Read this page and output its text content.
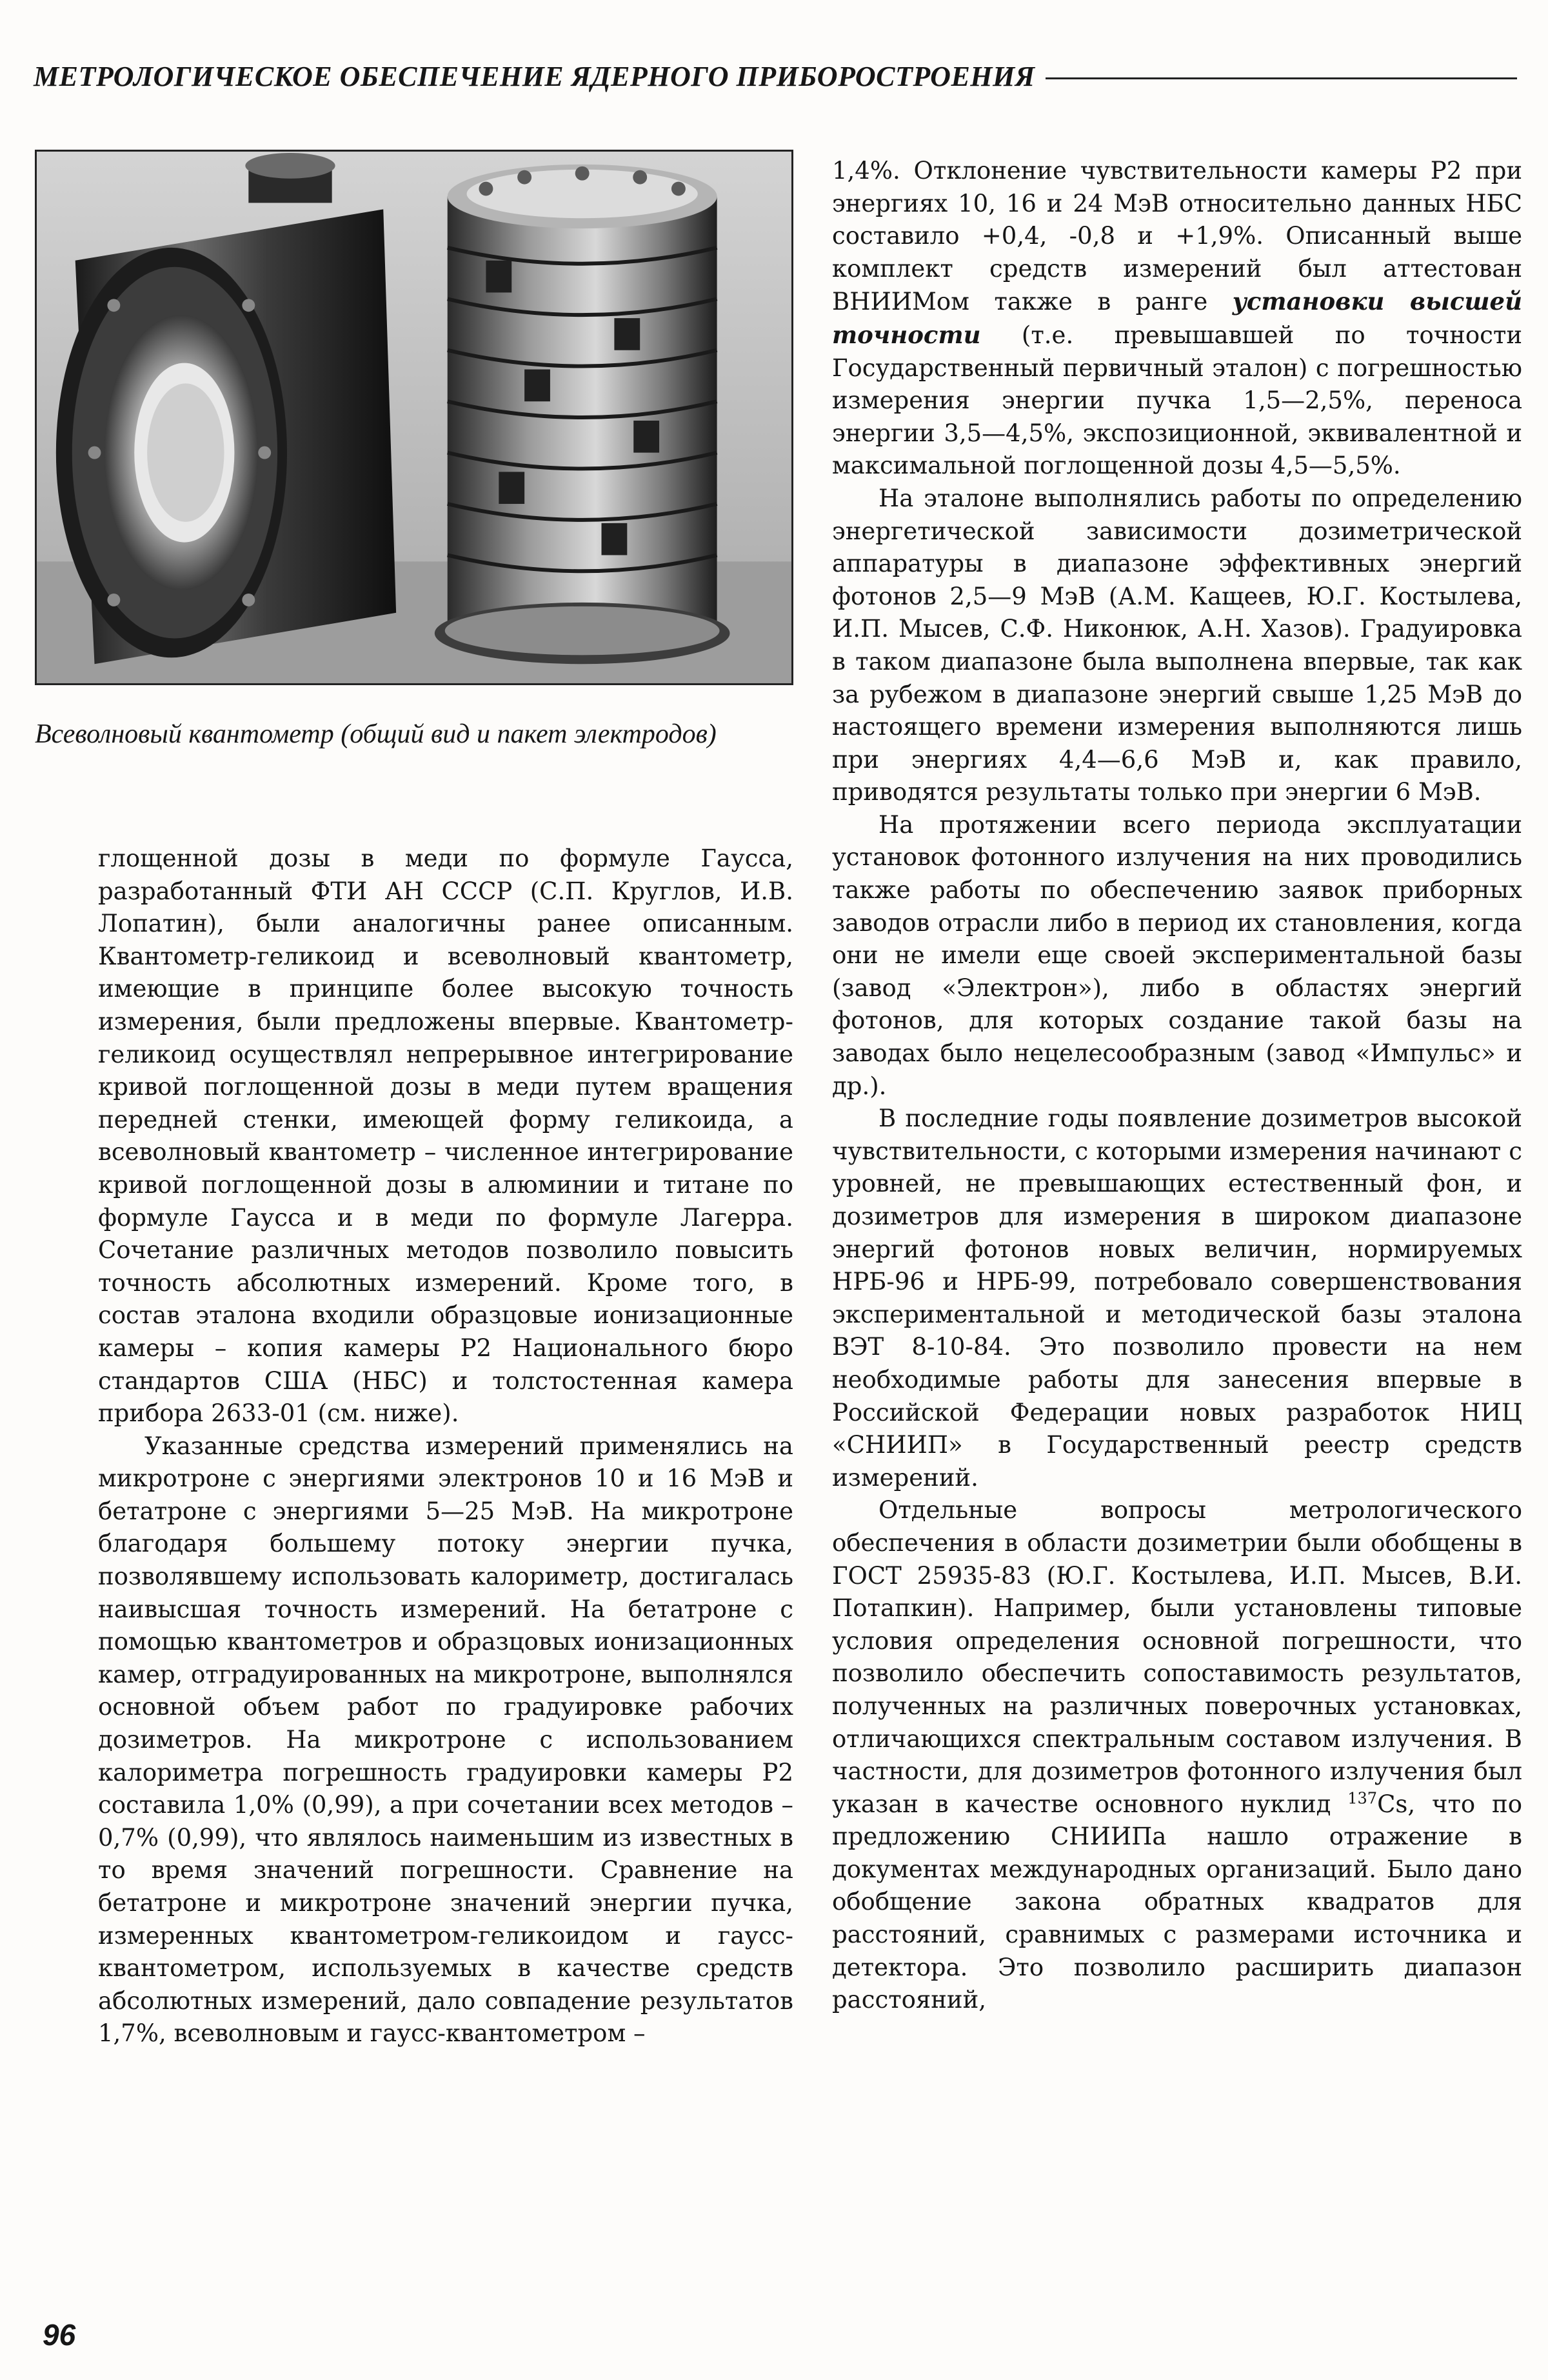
МЕТРОЛОГИЧЕСКОЕ ОБЕСПЕЧЕНИЕ ЯДЕРНОГО ПРИБОРОСТРОЕНИЯ
Всеволновый квантометр (общий вид и пакет электродов)

глощенной дозы в меди по формуле Гаусса, разработанный ФТИ АН СССР (С.П. Круглов, И.В. Лопатин), были аналогичны ранее описанным. Квантометр-геликоид и всеволновый квантометр, имеющие в принципе более высокую точность измерения, были предложены впервые. Квантометр-геликоид осуществлял непрерывное интегрирование кривой поглощенной дозы в меди путем вращения передней стенки, имеющей форму геликоида, а всеволновый квантометр – численное интегрирование кривой поглощенной дозы в алюминии и титане по формуле Гаусса и в меди по формуле Лагерра. Сочетание различных методов позволило повысить точность абсолютных измерений. Кроме того, в состав эталона входили образцовые ионизационные камеры – копия камеры Р2 Национального бюро стандартов США (НБС) и толстостенная камера прибора 2633-01 (см. ниже).

Указанные средства измерений применялись на микротроне с энергиями электронов 10 и 16 МэВ и бетатроне с энергиями 5—25 МэВ. На микротроне благодаря большему потоку энергии пучка, позволявшему использовать калориметр, достигалась наивысшая точность измерений. На бетатроне с помощью квантометров и образцовых ионизационных камер, отградуированных на микротроне, выполнялся основной объем работ по градуировке рабочих дозиметров. На микротроне с использованием калориметра погрешность градуировки камеры Р2 составила 1,0% (0,99), а при сочетании всех методов – 0,7% (0,99), что являлось наименьшим из известных в то время значений погрешности. Сравнение на бетатроне и микротроне значений энергии пучка, измеренных квантометром-геликоидом и гаусс-квантометром, используемых в качестве средств абсолютных измерений, дало совпадение результатов 1,7%, всеволновым и гаусс-квантометром –

1,4%. Отклонение чувствительности камеры Р2 при энергиях 10, 16 и 24 МэВ относительно данных НБС составило +0,4, -0,8 и +1,9%. Описанный выше комплект средств измерений был аттестован ВНИИМом также в ранге установки высшей точности (т.е. превышавшей по точности Государственный первичный эталон) с погрешностью измерения энергии пучка 1,5—2,5%, переноса энергии 3,5—4,5%, экспозиционной, эквивалентной и максимальной поглощенной дозы 4,5—5,5%.

На эталоне выполнялись работы по определению энергетической зависимости дозиметрической аппаратуры в диапазоне эффективных энергий фотонов 2,5—9 МэВ (А.М. Кащеев, Ю.Г. Костылева, И.П. Мысев, С.Ф. Никонюк, А.Н. Хазов). Градуировка в таком диапазоне была выполнена впервые, так как за рубежом в диапазоне энергий свыше 1,25 МэВ до настоящего времени измерения выполняются лишь при энергиях 4,4—6,6 МэВ и, как правило, приводятся результаты только при энергии 6 МэВ.

На протяжении всего периода эксплуатации установок фотонного излучения на них проводились также работы по обеспечению заявок приборных заводов отрасли либо в период их становления, когда они не имели еще своей экспериментальной базы (завод «Электрон»), либо в областях энергий фотонов, для которых создание такой базы на заводах было нецелесообразным (завод «Импульс» и др.).

В последние годы появление дозиметров высокой чувствительности, с которыми измерения начинают с уровней, не превышающих естественный фон, и дозиметров для измерения в широком диапазоне энергий фотонов новых величин, нормируемых НРБ-96 и НРБ-99, потребовало совершенствования экспериментальной и методической базы эталона ВЭТ 8-10-84. Это позволило провести на нем необходимые работы для занесения впервые в Российской Федерации новых разработок НИЦ «СНИИП» в Государственный реестр средств измерений.

Отдельные вопросы метрологического обеспечения в области дозиметрии были обобщены в ГОСТ 25935-83 (Ю.Г. Костылева, И.П. Мысев, В.И. Потапкин). Например, были установлены типовые условия определения основной погрешности, что позволило обеспечить сопоставимость результатов, полученных на различных поверочных установках, отличающихся спектральным составом излучения. В частности, для дозиметров фотонного излучения был указан в качестве основного нуклид $^{137}$Cs, что по предложению СНИИПа нашло отражение в документах международных организаций. Было дано обобщение закона обратных квадратов для расстояний, сравнимых с размерами источника и детектора. Это позволило расширить диапазон расстояний,

96
